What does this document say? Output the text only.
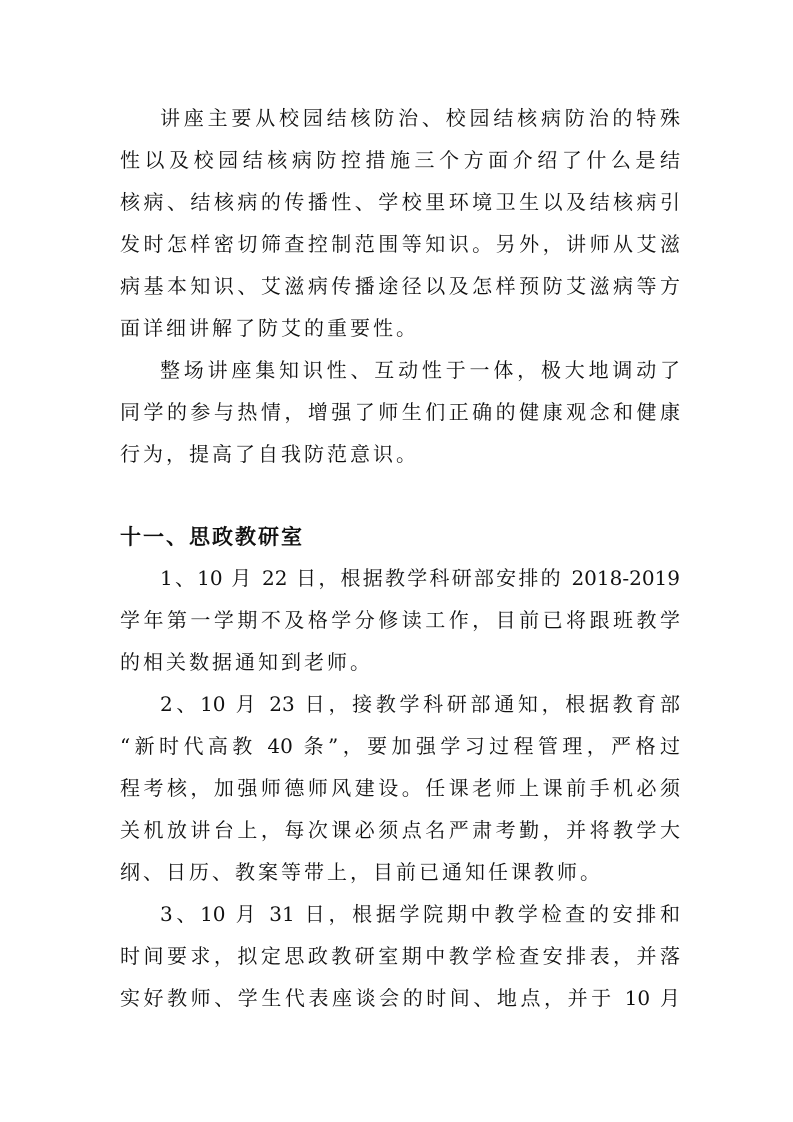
讲座主要从校园结核防治、校园结核病防治的特殊
性以及校园结核病防控措施三个方面介绍了什么是结
核病、结核病的传播性、学校里环境卫生以及结核病引
发时怎样密切筛查控制范围等知识。另外，讲师从艾滋
病基本知识、艾滋病传播途径以及怎样预防艾滋病等方
面详细讲解了防艾的重要性。
整场讲座集知识性、互动性于一体，极大地调动了
同学的参与热情，增强了师生们正确的健康观念和健康
行为，提高了自我防范意识。
十一、思政教研室
1、10 月 22 日，根据教学科研部安排的 2018-2019
学年第一学期不及格学分修读工作，目前已将跟班教学
的相关数据通知到老师。
2、10 月 23 日，接教学科研部通知，根据教育部
“新时代高教 40 条”，要加强学习过程管理，严格过
程考核，加强师德师风建设。任课老师上课前手机必须
关机放讲台上，每次课必须点名严肃考勤，并将教学大
纲、日历、教案等带上，目前已通知任课教师。
3、10 月 31 日，根据学院期中教学检查的安排和
时间要求，拟定思政教研室期中教学检查安排表，并落
实好教师、学生代表座谈会的时间、地点，并于 10 月
